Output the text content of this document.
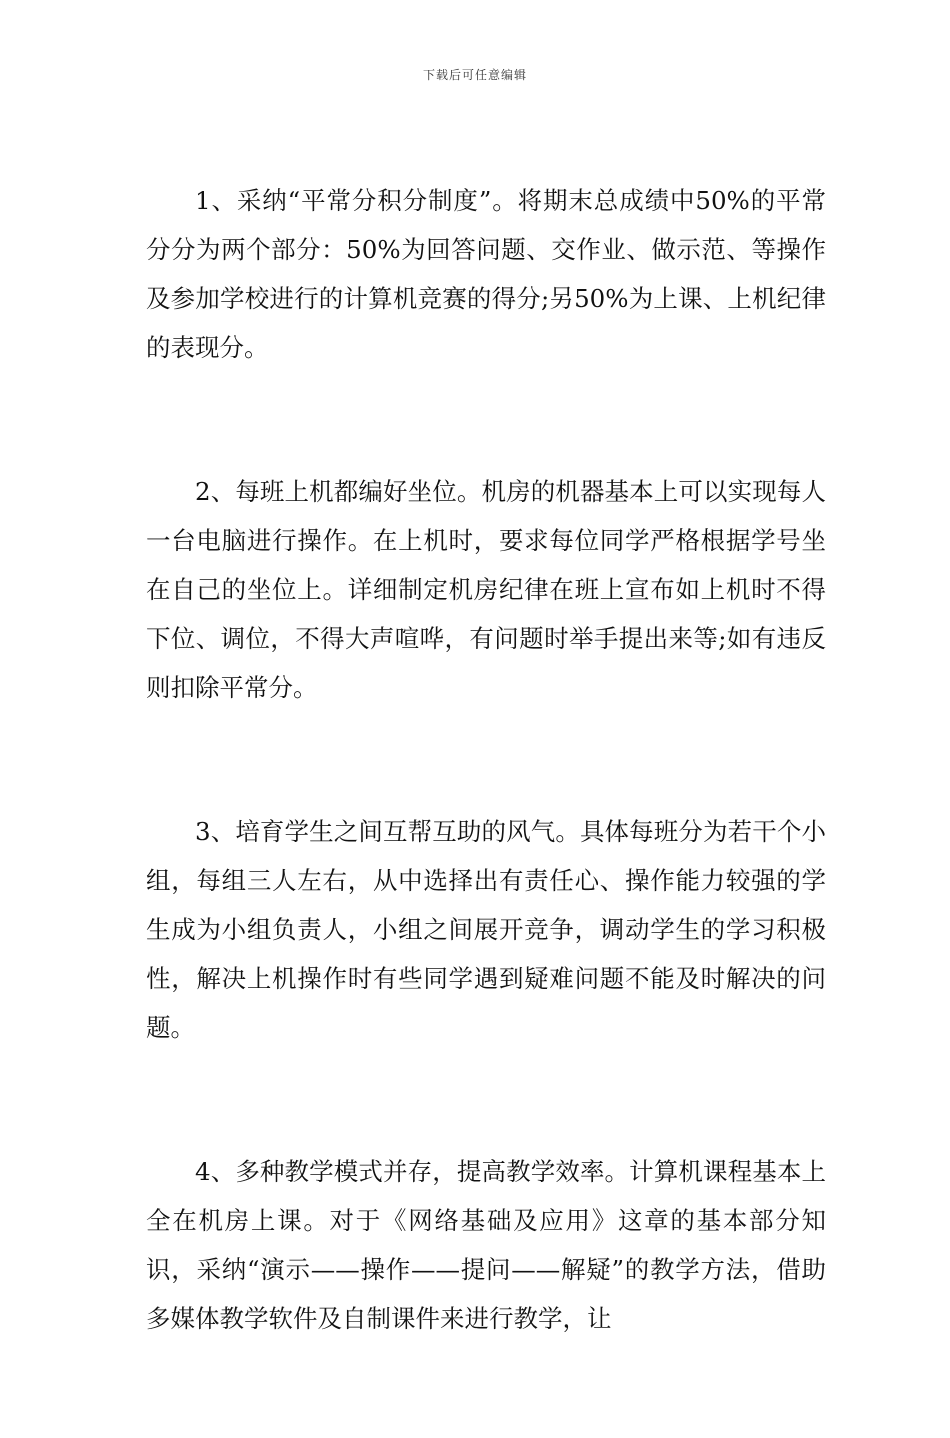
下载后可任意编辑

1、采纳“平常分积分制度”。将期末总成绩中50%的平常分分为两个部分：50%为回答问题、交作业、做示范、等操作及参加学校进行的计算机竞赛的得分;另50%为上课、上机纪律的表现分。

2、每班上机都编好坐位。机房的机器基本上可以实现每人一台电脑进行操作。在上机时，要求每位同学严格根据学号坐在自己的坐位上。详细制定机房纪律在班上宣布如上机时不得下位、调位，不得大声喧哗，有问题时举手提出来等;如有违反则扣除平常分。

3、培育学生之间互帮互助的风气。具体每班分为若干个小组，每组三人左右，从中选择出有责任心、操作能力较强的学生成为小组负责人，小组之间展开竞争，调动学生的学习积极性，解决上机操作时有些同学遇到疑难问题不能及时解决的问题。

4、多种教学模式并存，提高教学效率。计算机课程基本上全在机房上课。对于《网络基础及应用》这章的基本部分知识，采纳“演示——操作——提问——解疑”的教学方法，借助多媒体教学软件及自制课件来进行教学，让
